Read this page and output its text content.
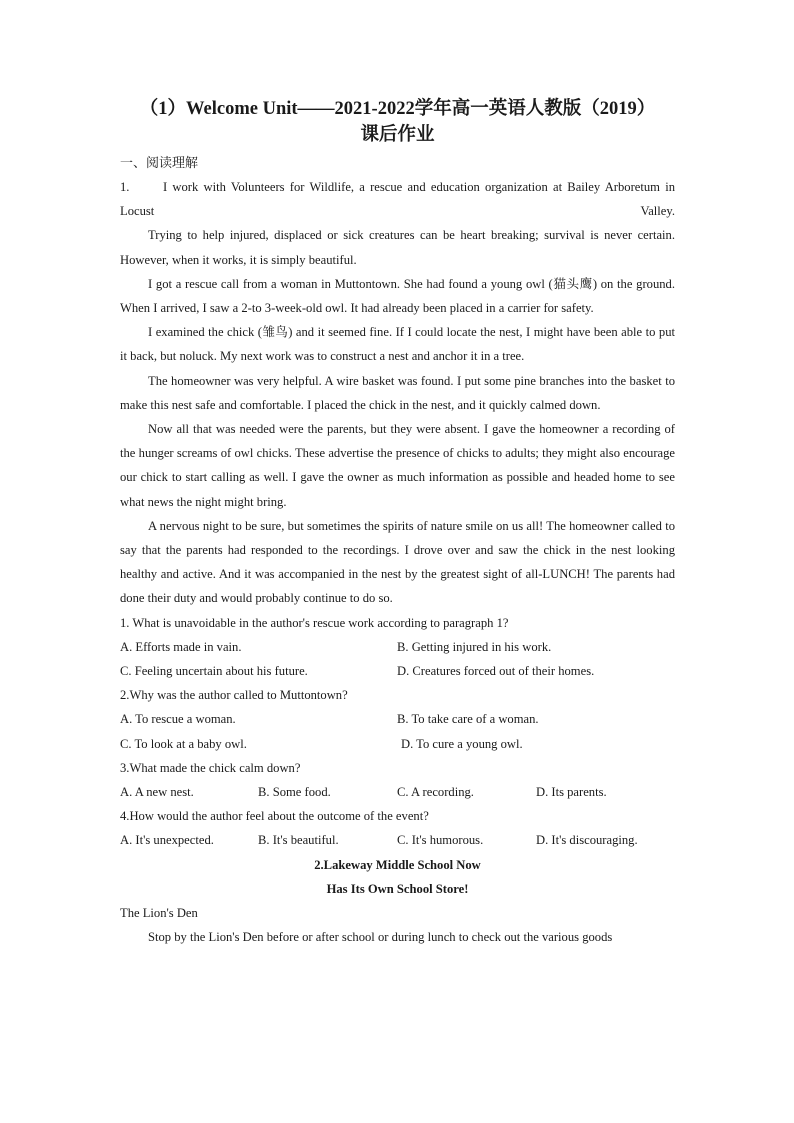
（1）Welcome Unit——2021-2022学年高一英语人教版（2019）

课后作业

一、阅读理解

1.	I work with Volunteers for Wildlife, a rescue and education organization at Bailey Arboretum in Locust Valley.

Trying to help injured, displaced or sick creatures can be heart breaking; survival is never certain. However, when it works, it is simply beautiful.

I got a rescue call from a woman in Muttontown. She had found a young owl (猫头鹰) on the ground. When I arrived, I saw a 2-to 3-week-old owl. It had already been placed in a carrier for safety.

I examined the chick (雏鸟) and it seemed fine. If I could locate the nest, I might have been able to put it back, but noluck. My next work was to construct a nest and anchor it in a tree.

The homeowner was very helpful. A wire basket was found. I put some pine branches into the basket to make this nest safe and comfortable. I placed the chick in the nest, and it quickly calmed down.

Now all that was needed were the parents, but they were absent. I gave the homeowner a recording of the hunger screams of owl chicks. These advertise the presence of chicks to adults; they might also encourage our chick to start calling as well. I gave the owner as much information as possible and headed home to see what news the night might bring.

A nervous night to be sure, but sometimes the spirits of nature smile on us all! The homeowner called to say that the parents had responded to the recordings. I drove over and saw the chick in the nest looking healthy and active. And it was accompanied in the nest by the greatest sight of all-LUNCH! The parents had done their duty and would probably continue to do so.

1. What is unavoidable in the author's rescue work according to paragraph 1?

A. Efforts made in vain.	B. Getting injured in his work.
C. Feeling uncertain about his future.	D. Creatures forced out of their homes.

2.Why was the author called to Muttontown?

A. To rescue a woman.	B. To take care of a woman.
C. To look at a baby owl.	D. To cure a young owl.

3.What made the chick calm down?

A. A new nest.	B. Some food.	C. A recording.	D. Its parents.

4.How would the author feel about the outcome of the event?

A. It's unexpected.	B. It's beautiful.	C. It's humorous.	D. It's discouraging.

2.Lakeway Middle School Now

Has Its Own School Store!

The Lion's Den

Stop by the Lion's Den before or after school or during lunch to check out the various goods
